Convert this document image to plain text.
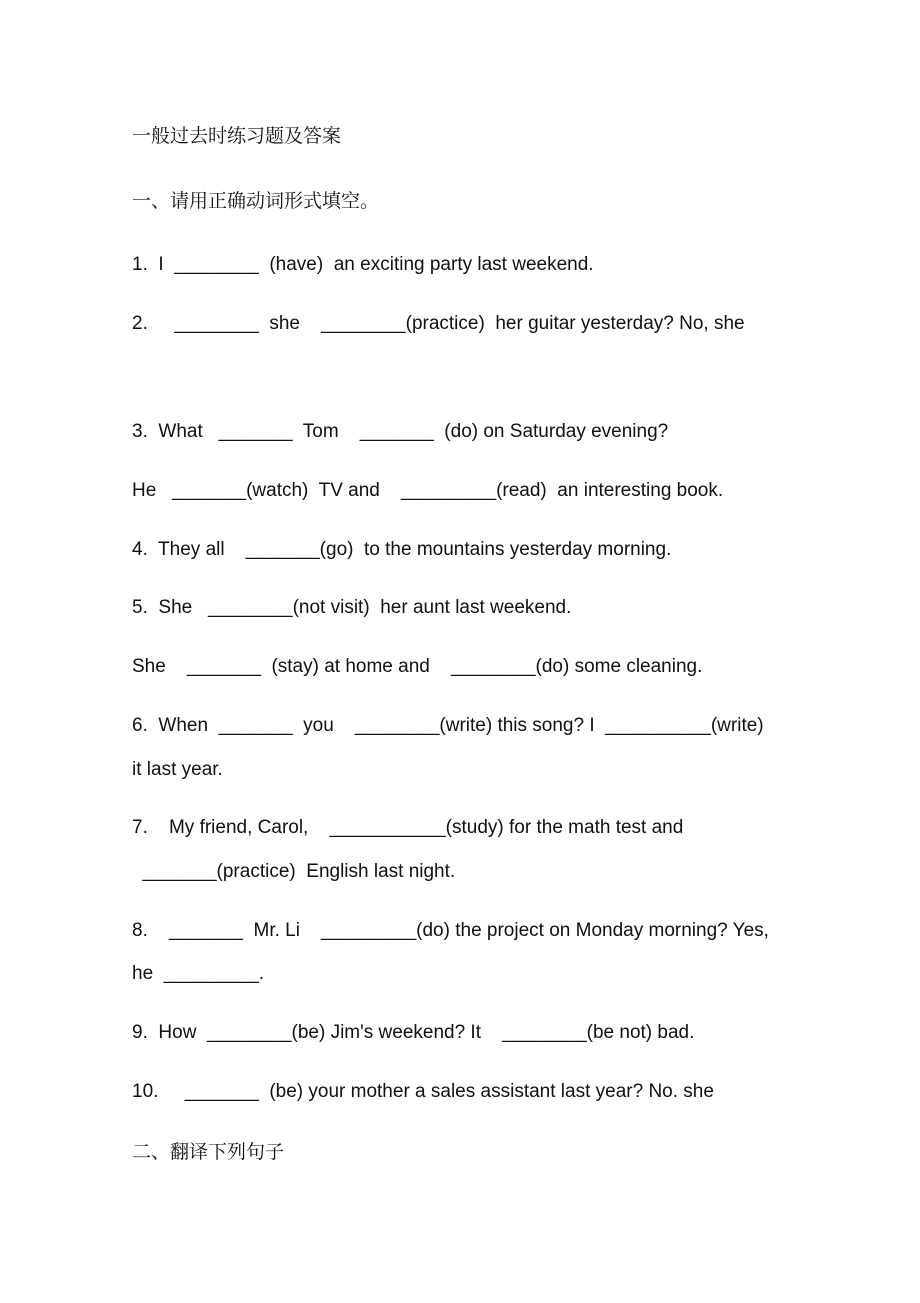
一般过去时练习题及答案
一、请用正确动词形式填空。
1.  I  ________  (have)  an exciting party last weekend.
2.     ________  she    ________(practice)  her guitar yesterday? No, she
3.  What   _______  Tom    _______  (do) on Saturday evening?
He   _______(watch)  TV and    _________(read)  an interesting book.
4.  They all    _______(go)  to the mountains yesterday morning.
5.  She   ________(not visit)  her aunt last weekend.
She    _______  (stay) at home and    ________(do) some cleaning.
6.  When  _______  you    ________(write) this song? I  __________(write)
it last year.
7.    My friend, Carol,    ___________(study) for the math test and
_______(practice)  English last night.
8.    _______  Mr. Li    _________(do) the project on Monday morning? Yes,
he  _________.
9.  How  ________(be) Jim's weekend? It    ________(be not) bad.
10.     _______  (be) your mother a sales assistant last year? No. she
二、翻译下列句子
